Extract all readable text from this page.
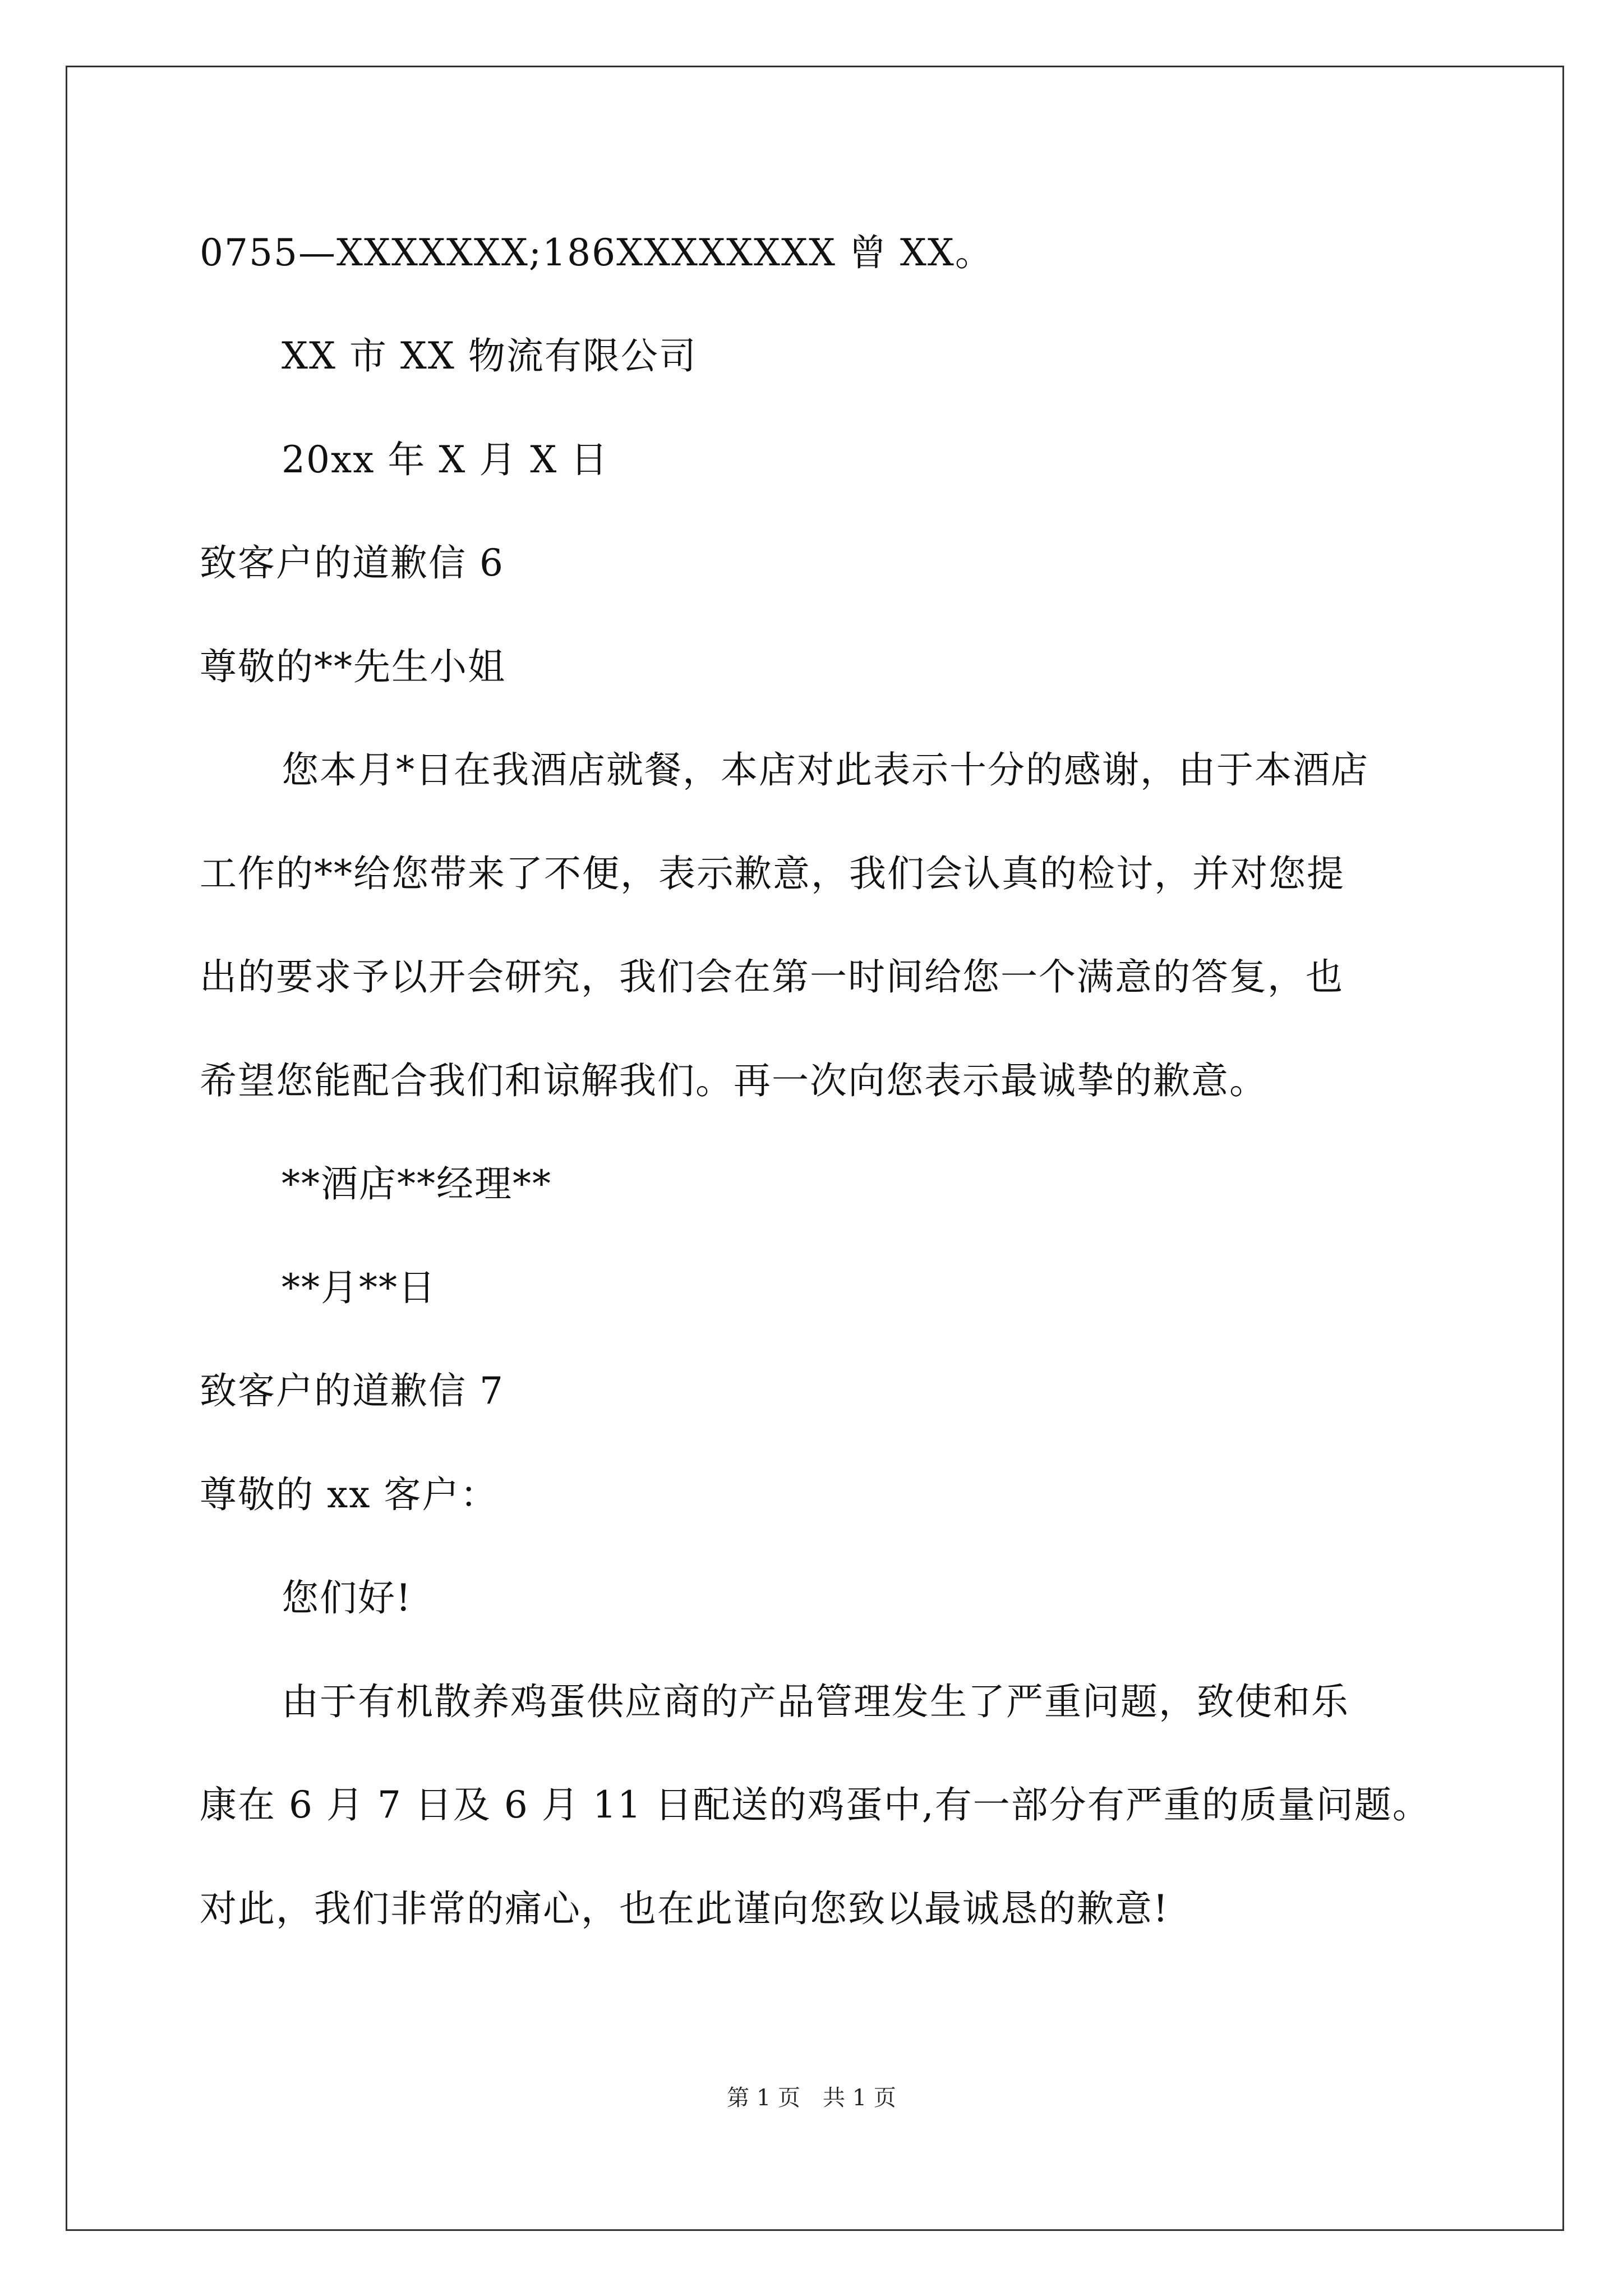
0755—XXXXXXX;186XXXXXXXX 曾 XX。
XX 市 XX 物流有限公司
20xx 年 X 月 X 日
致客户的道歉信 6
尊敬的**先生小姐
您本月*日在我酒店就餐，本店对此表示十分的感谢，由于本酒店
工作的**给您带来了不便，表示歉意，我们会认真的检讨，并对您提
出的要求予以开会研究，我们会在第一时间给您一个满意的答复，也
希望您能配合我们和谅解我们。再一次向您表示最诚挚的歉意。
**酒店**经理**
**月**日
致客户的道歉信 7
尊敬的 xx 客户：
您们好!
由于有机散养鸡蛋供应商的产品管理发生了严重问题，致使和乐
康在 6 月 7 日及 6 月 11 日配送的鸡蛋中,有一部分有严重的质量问题。
对此，我们非常的痛心，也在此谨向您致以最诚恳的歉意!
第 1 页　共 1 页
